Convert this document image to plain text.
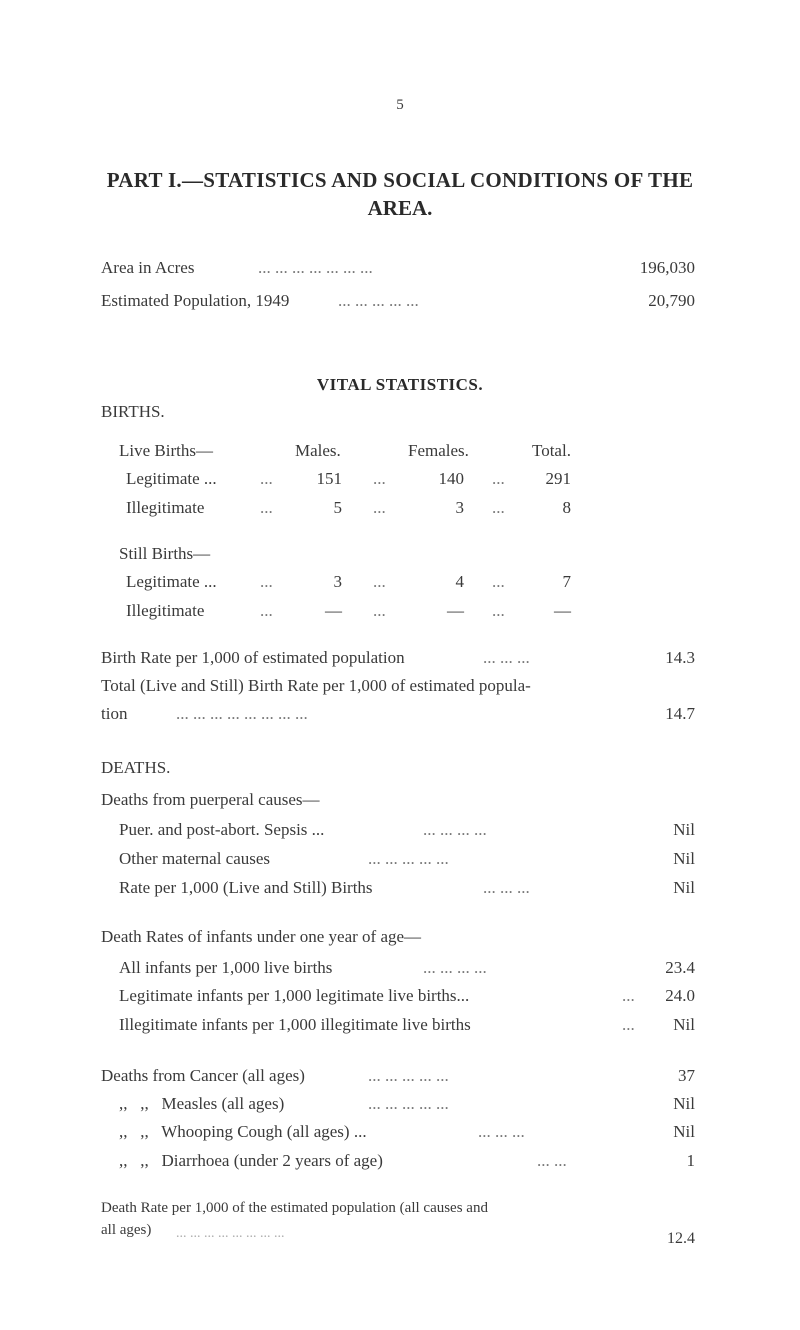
5
PART I.—STATISTICS AND SOCIAL CONDITIONS OF THE
AREA.
Area in Acres	... ... ... ... ... ... ...	196,030
Estimated Population, 1949	... ... ... ... ...	20,790
VITAL STATISTICS.
BIRTHS.
Live Births—	Males.	Females.	Total.
Legitimate ...	...	151 ...	140 ...	291
Illegitimate	...	5 ...	3 ...	8
Still Births—
Legitimate ...	...	3 ...	4 ...	7
Illegitimate	...	— ...	— ...	—
Birth Rate per 1,000 of estimated population	... ... ...	14.3
Total (Live and Still) Birth Rate per 1,000 of estimated popula-
tion	... ... ... ... ... ... ... ...	14.7
DEATHS.
Deaths from puerperal causes—
Puer. and post-abort. Sepsis ...	... ... ... ...	Nil
Other maternal causes	... ... ... ... ...	Nil
Rate per 1,000 (Live and Still) Births	... ... ...	Nil
Death Rates of infants under one year of age—
All infants per 1,000 live births	... ... ... ...	23.4
Legitimate infants per 1,000 legitimate live births...	...	24.0
Illegitimate infants per 1,000 illegitimate live births	...	Nil
Deaths from Cancer (all ages)	... ... ... ... ...	37
,,   ,,   Measles (all ages)	... ... ... ... ...	Nil
,,   ,,   Whooping Cough (all ages) ...	... ... ...	Nil
,,   ,,   Diarrhoea (under 2 years of age)	... ...	1
Death Rate per 1,000 of the estimated population (all causes and
all ages) ... ... ... ... ... ... ... ...	12.4
